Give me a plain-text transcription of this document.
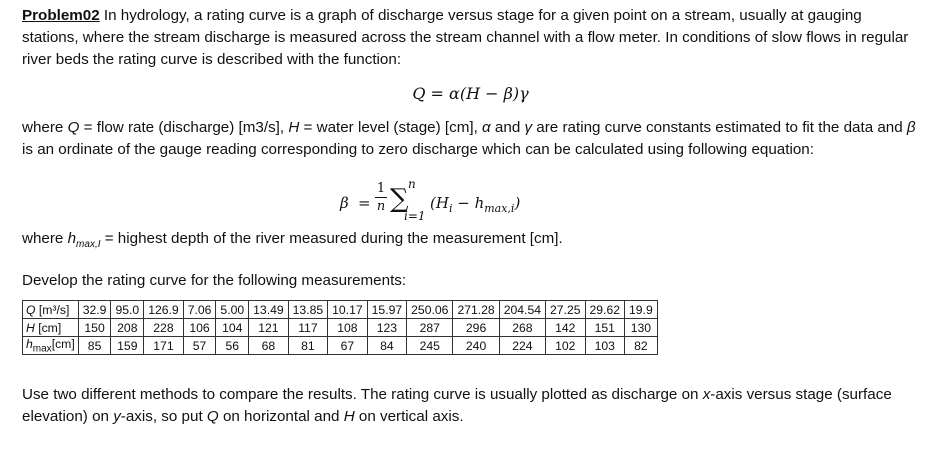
Problem02 In hydrology, a rating curve is a graph of discharge versus stage for a given point on a stream, usually at gauging stations, where the stream discharge is measured across the stream channel with a flow meter. In conditions of slow flows in regular river beds the rating curve is described with the function:
Q = α(H − β)γ
where Q = flow rate (discharge) [m3/s], H = water level (stage) [cm], α and γ are rating curve constants estimated to fit the data and β is an ordinate of the gauge reading corresponding to zero discharge which can be calculated using following equation:
β =
1
n ∑ n
i=1
$(H_i - h_{max,i})$
where $h_{max,I}$ = highest depth of the river measured during the measurement [cm].
Develop the rating curve for the following measurements:
Q [m³/s]	32.9	95.0	126.9	7.06	5.00	13.49	13.85	10.17	15.97	250.06	271.28	204.54	27.25	29.62	19.9
H [cm]	150	208	228	106	104	121	117	108	123	287	296	268	142	151	130
$h_{max}[cm]$	85	159	171	57	56	68	81	67	84	245	240	224	102	103	82
Use two different methods to compare the results. The rating curve is usually plotted as discharge on x-axis versus stage (surface elevation) on y-axis, so put Q on horizontal and H on vertical axis.
